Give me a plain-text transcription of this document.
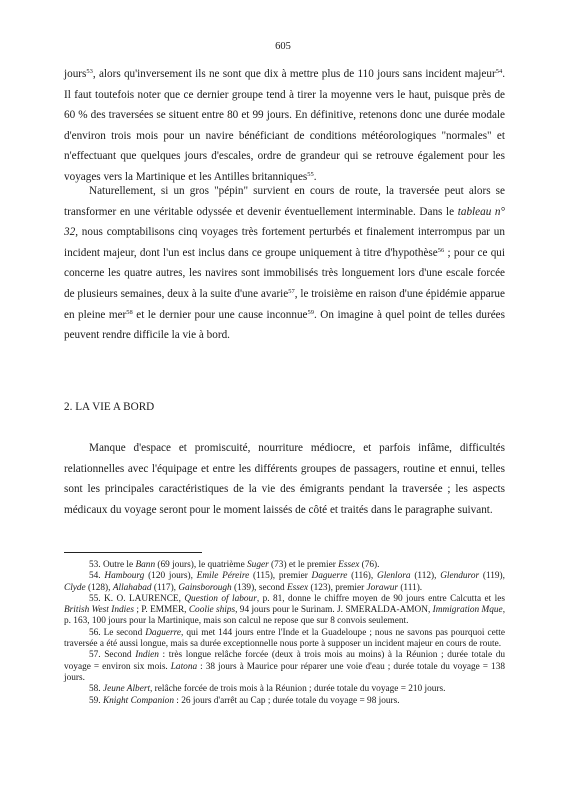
605
jours$^{53}$, alors qu'inversement ils ne sont que dix à mettre plus de 110 jours sans incident majeur$^{54}$. Il faut toutefois noter que ce dernier groupe tend à tirer la moyenne vers le haut, puisque près de 60 % des traversées se situent entre 80 et 99 jours. En définitive, retenons donc une durée modale d'environ trois mois pour un navire bénéficiant de conditions météorologiques "normales" et n'effectuant que quelques jours d'escales, ordre de grandeur qui se retrouve également pour les voyages vers la Martinique et les Antilles britanniques$^{55}$.
Naturellement, si un gros "pépin" survient en cours de route, la traversée peut alors se transformer en une véritable odyssée et devenir éventuellement interminable. Dans le tableau n° 32, nous comptabilisons cinq voyages très fortement perturbés et finalement interrompus par un incident majeur, dont l'un est inclus dans ce groupe uniquement à titre d'hypothèse$^{56}$ ; pour ce qui concerne les quatre autres, les navires sont immobilisés très longuement lors d'une escale forcée de plusieurs semaines, deux à la suite d'une avarie$^{57}$, le troisième en raison d'une épidémie apparue en pleine mer$^{58}$ et le dernier pour une cause inconnue$^{59}$. On imagine à quel point de telles durées peuvent rendre difficile la vie à bord.
2. LA VIE A BORD
Manque d'espace et promiscuité, nourriture médiocre, et parfois infâme, difficultés relationnelles avec l'équipage et entre les différents groupes de passagers, routine et ennui, telles sont les principales caractéristiques de la vie des émigrants pendant la traversée ; les aspects médicaux du voyage seront pour le moment laissés de côté et traités dans le paragraphe suivant.

53. Outre le Bann (69 jours), le quatrième Suger (73) et le premier Essex (76).

54. Hambourg (120 jours), Emile Péreire (115), premier Daguerre (116), Glenlora (112), Glenduror (119), Clyde (128), Allahabad (117), Gainsborough (139), second Essex (123), premier Jorawur (111).

55. K. O. LAURENCE, Question of labour, p. 81, donne le chiffre moyen de 90 jours entre Calcutta et les British West Indies ; P. EMMER, Coolie ships, 94 jours pour le Surinam. J. SMERALDA-AMON, Immigration Mque, p. 163, 100 jours pour la Martinique, mais son calcul ne repose que sur 8 convois seulement.

56. Le second Daguerre, qui met 144 jours entre l'Inde et la Guadeloupe ; nous ne savons pas pourquoi cette traversée a été aussi longue, mais sa durée exceptionnelle nous porte à supposer un incident majeur en cours de route.

57. Second Indien : très longue relâche forcée (deux à trois mois au moins) à la Réunion ; durée totale du voyage = environ six mois. Latona : 38 jours à Maurice pour réparer une voie d'eau ; durée totale du voyage = 138 jours.

58. Jeune Albert, relâche forcée de trois mois à la Réunion ; durée totale du voyage = 210 jours.

59. Knight Companion : 26 jours d'arrêt au Cap ; durée totale du voyage = 98 jours.
